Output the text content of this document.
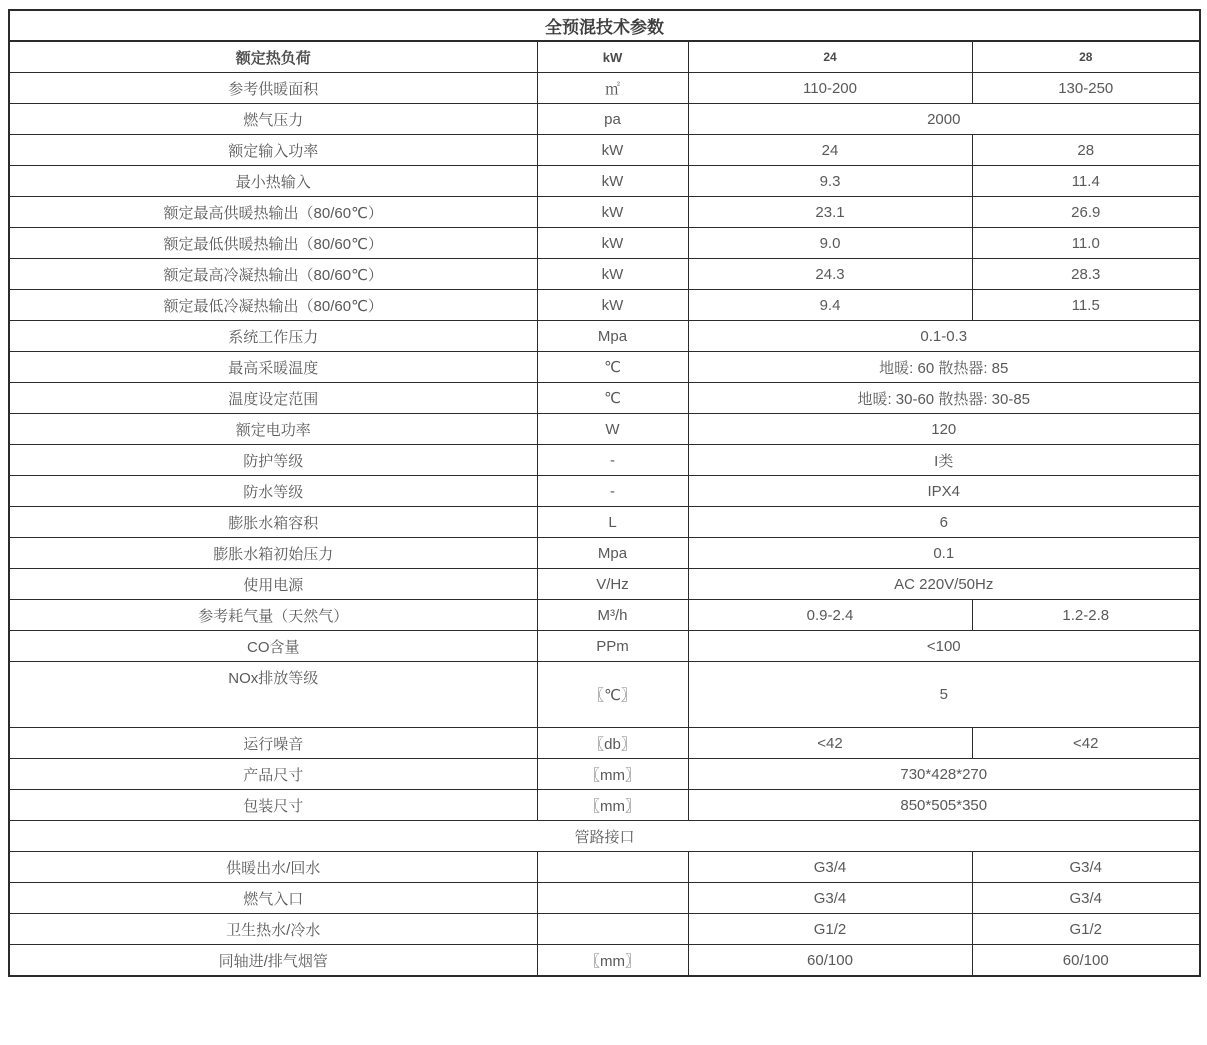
全预混技术参数			
额定热负荷	kW	24	28
参考供暖面积	㎡	110-200	130-250
燃气压力	pa	2000	
额定输入功率	kW	24	28
最小热输入	kW	9.3	11.4
额定最高供暖热输出（80/60℃）	kW	23.1	26.9
额定最低供暖热输出（80/60℃）	kW	9.0	11.0
额定最高冷凝热输出（80/60℃）	kW	24.3	28.3
额定最低冷凝热输出（80/60℃）	kW	9.4	11.5
系统工作压力	Mpa	0.1-0.3	
最高采暖温度	℃	地暖: 60 散热器: 85	
温度设定范围	℃	地暖: 30-60 散热器: 30-85	
额定电功率	W	120	
防护等级	-	I类	
防水等级	-	IPX4	
膨胀水箱容积	L	6	
膨胀水箱初始压力	Mpa	0.1	
使用电源	V/Hz	AC 220V/50Hz	
参考耗气量（天然气）	M³/h	0.9-2.4	1.2-2.8
CO含量	PPm	<100	
NOx排放等级	〖℃〗	5	
运行噪音	〖db〗	<42	<42
产品尺寸	〖mm〗	730*428*270	
包装尺寸	〖mm〗	850*505*350	
管路接口			
供暖出水/回水		G3/4	G3/4
燃气入口		G3/4	G3/4
卫生热水/冷水		G1/2	G1/2
同轴进/排气烟管	〖mm〗	60/100	60/100
